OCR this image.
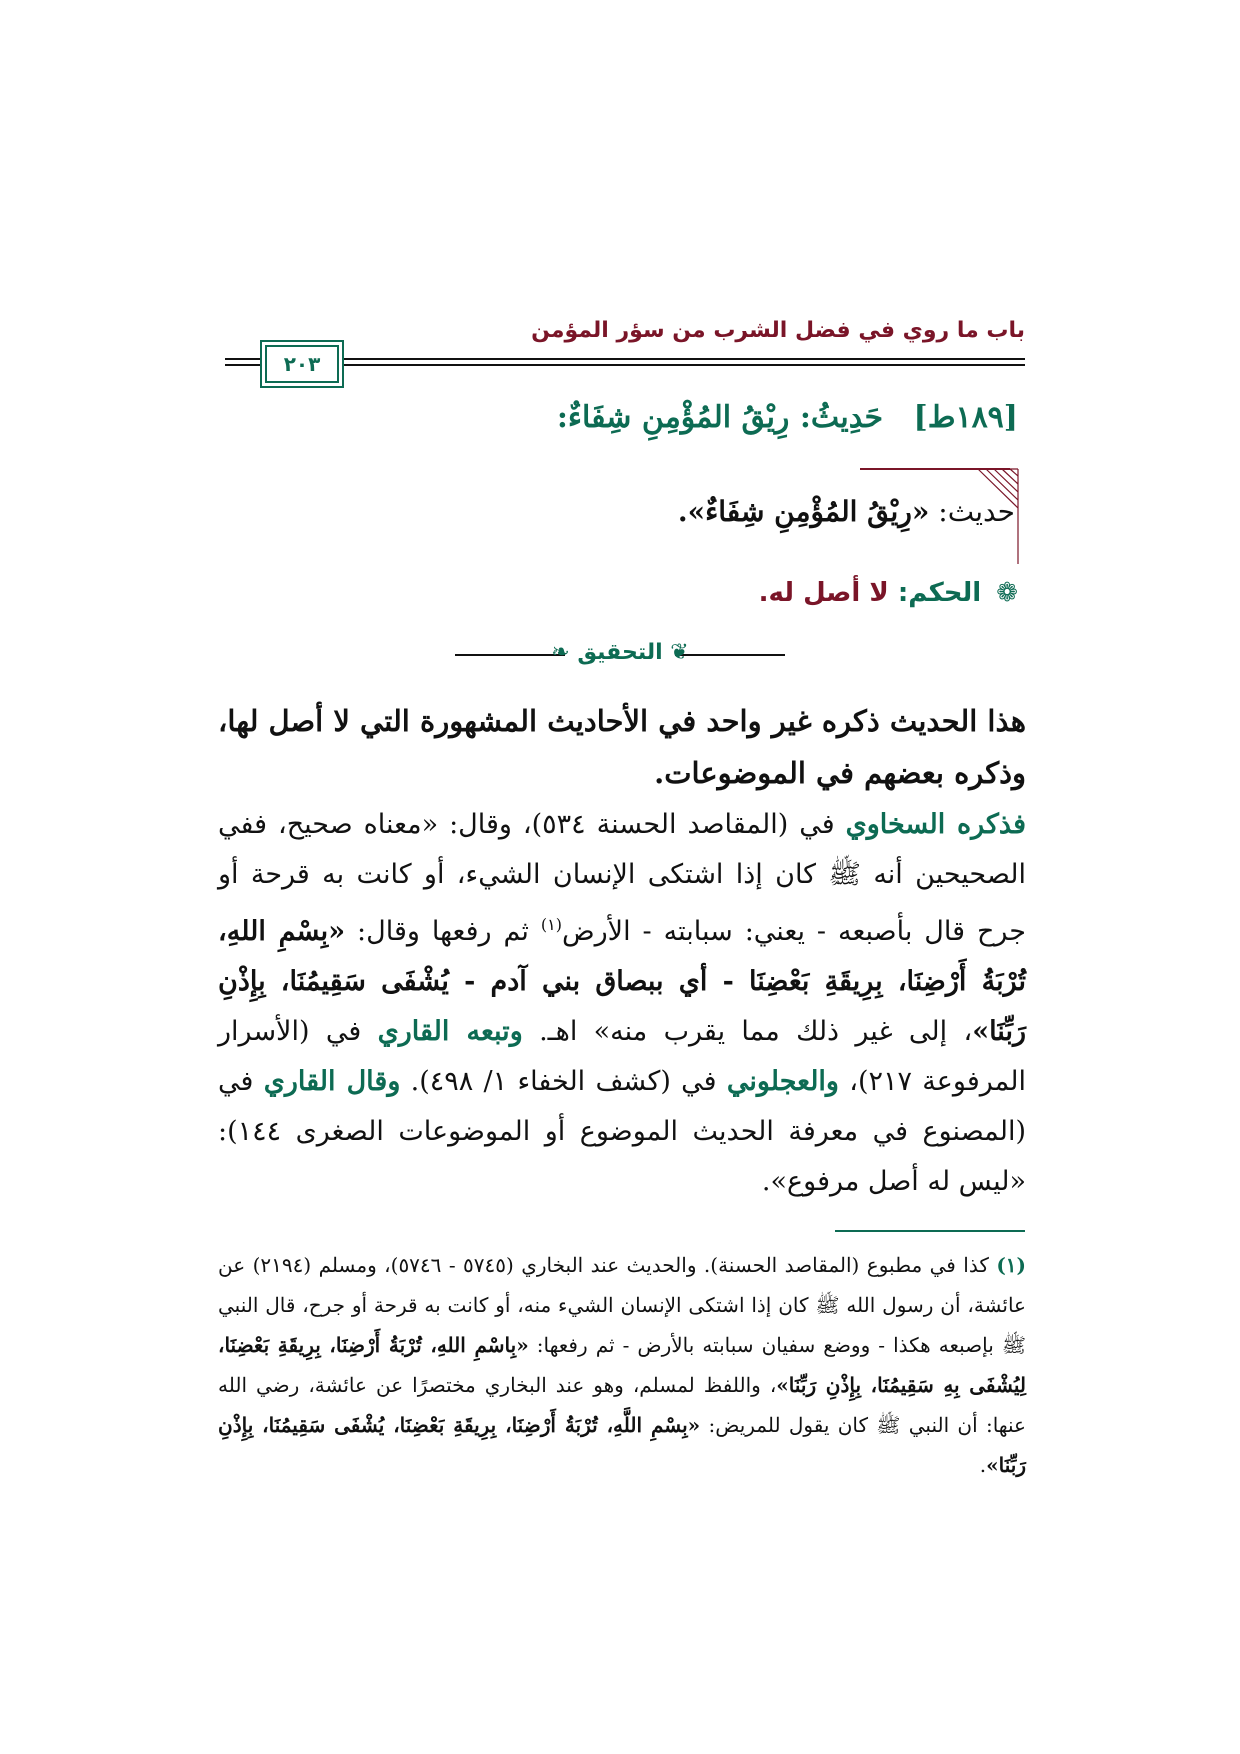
باب ما روي في فضل الشرب من سؤر المؤمن
٢٠٣
[١٨٩ط] حَدِيثُ: رِيْقُ المُؤْمِنِ شِفَاءٌ:
حديث: «رِيْقُ المُؤْمِنِ شِفَاءٌ».
❁ الحكم: لا أصل له.
❦ التحقيق ❧
هذا الحديث ذكره غير واحد في الأحاديث المشهورة التي لا أصل لها، وذكره بعضهم في الموضوعات.
فذكره السخاوي في (المقاصد الحسنة ٥٣٤)، وقال: «معناه صحيح، ففي الصحيحين أنه ﷺ كان إذا اشتكى الإنسان الشيء، أو كانت به قرحة أو جرح قال بأصبعه - يعني: سبابته - الأرض$^{(١)}$ ثم رفعها وقال: «بِسْمِ اللهِ، تُرْبَةُ أَرْضِنَا، بِرِيقَةِ بَعْضِنَا - أي ببصاق بني آدم - يُشْفَى سَقِيمُنَا، بِإِذْنِ رَبِّنَا»، إلى غير ذلك مما يقرب منه» اهـ. وتبعه القاري في (الأسرار المرفوعة ٢١٧)، والعجلوني في (كشف الخفاء ١/ ٤٩٨). وقال القاري في (المصنوع في معرفة الحديث الموضوع أو الموضوعات الصغرى ١٤٤): «ليس له أصل مرفوع».
(١) كذا في مطبوع (المقاصد الحسنة). والحديث عند البخاري (٥٧٤٥ - ٥٧٤٦)، ومسلم (٢١٩٤) عن عائشة، أن رسول الله ﷺ كان إذا اشتكى الإنسان الشيء منه، أو كانت به قرحة أو جرح، قال النبي ﷺ بإصبعه هكذا - ووضع سفيان سبابته بالأرض - ثم رفعها: «بِاسْمِ اللهِ، تُرْبَةُ أَرْضِنَا، بِرِيقَةِ بَعْضِنَا، لِيُشْفَى بِهِ سَقِيمُنَا، بِإِذْنِ رَبِّنَا»، واللفظ لمسلم، وهو عند البخاري مختصرًا عن عائشة، رضي الله عنها: أن النبي ﷺ كان يقول للمريض: «بِسْمِ اللَّهِ، تُرْبَةُ أَرْضِنَا، بِرِيقَةِ بَعْضِنَا، يُشْفَى سَقِيمُنَا، بِإِذْنِ رَبِّنَا».
